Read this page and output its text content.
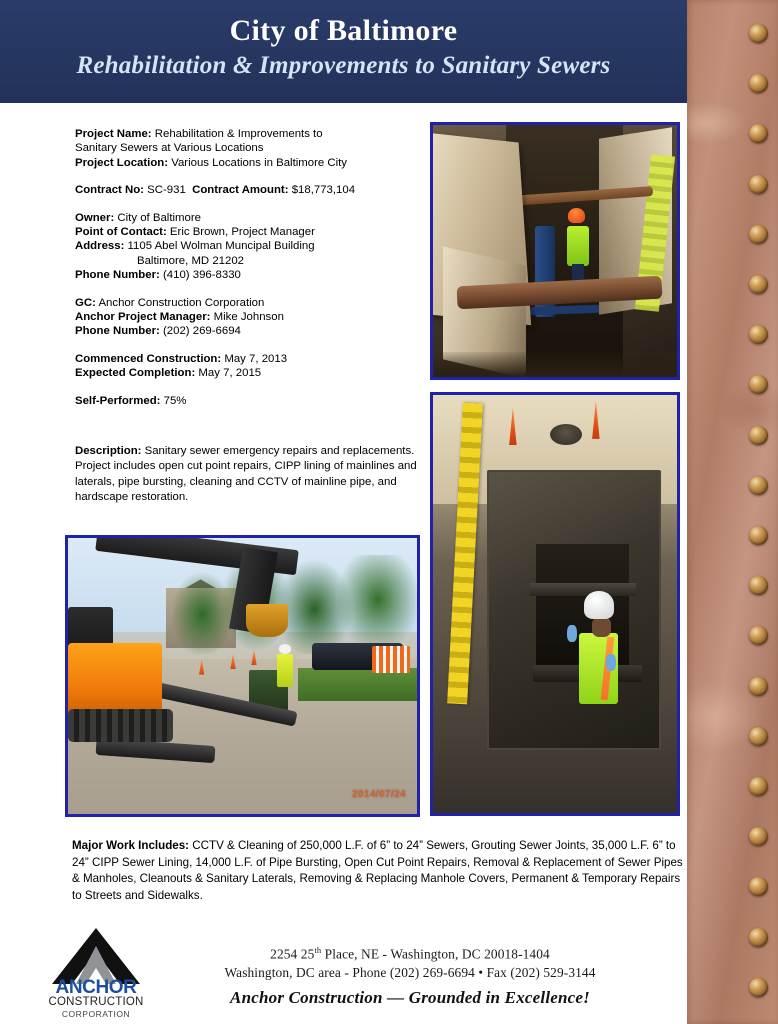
City of Baltimore
Rehabilitation & Improvements to Sanitary Sewers
Project Name: Rehabilitation & Improvements to
Sanitary Sewers at Various Locations
Project Location: Various Locations in Baltimore City
Contract No: SC-931 Contract Amount: $18,773,104
Owner: City of Baltimore
Point of Contact: Eric Brown, Project Manager
Address: 1105 Abel Wolman Muncipal Building
Baltimore, MD 21202
Phone Number: (410) 396-8330
GC: Anchor Construction Corporation
Anchor Project Manager: Mike Johnson
Phone Number: (202) 269-6694
Commenced Construction: May 7, 2013
Expected Completion: May 7, 2015
Self-Performed: 75%
Description: Sanitary sewer emergency repairs and replacements. Project includes open cut point repairs, CIPP lining of mainlines and laterals, pipe bursting, cleaning and CCTV of mainline pipe, and hardscape restoration.
Major Work Includes: CCTV & Cleaning of 250,000 L.F. of 6” to 24” Sewers, Grouting Sewer Joints, 35,000 L.F. 6” to 24” CIPP Sewer Lining, 14,000 L.F. of Pipe Bursting, Open Cut Point Repairs, Removal & Replacement of Sewer Pipes & Manholes, Cleanouts & Sanitary Laterals, Removing & Replacing Manhole Covers, Permanent & Temporary Repairs to Streets and Sidewalks.
2014/07/24
ANCHOR
CONSTRUCTION
CORPORATION
2254 25th Place, NE - Washington, DC 20018-1404
Washington, DC area - Phone (202) 269-6694 • Fax (202) 529-3144
Anchor Construction — Grounded in Excellence!
